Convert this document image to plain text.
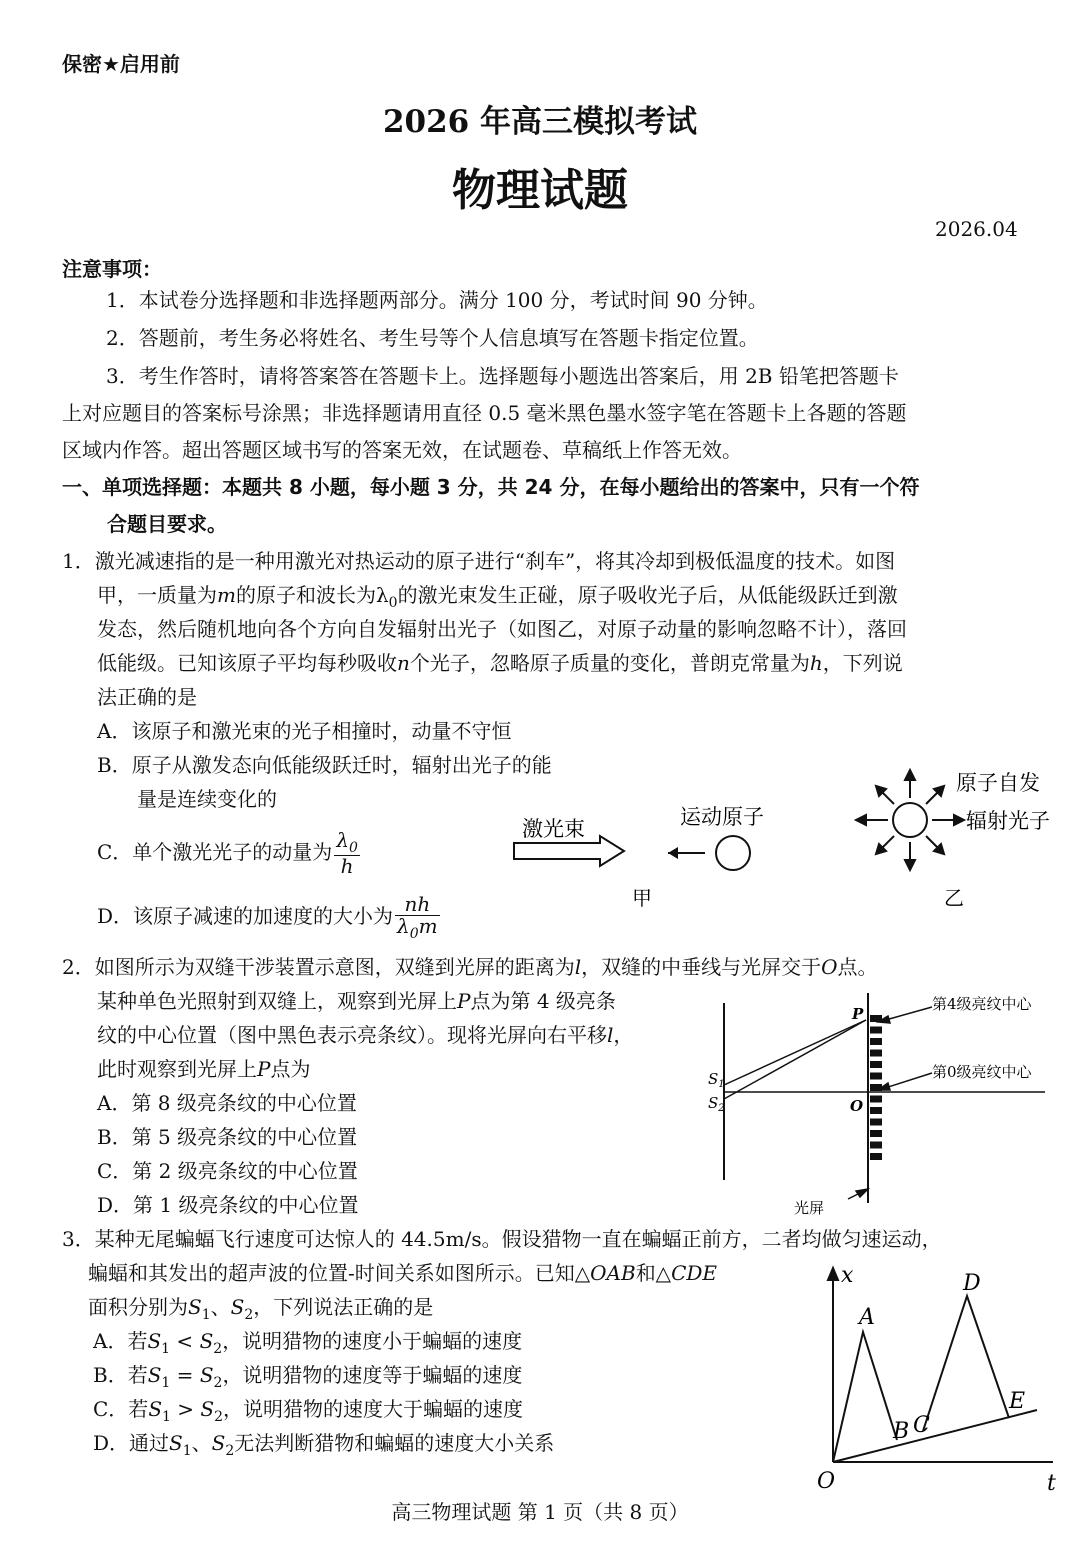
保密★启用前
2026 年高三模拟考试
物理试题
2026.04
注意事项：
1．本试卷分选择题和非选择题两部分。满分 100 分，考试时间 90 分钟。
2．答题前，考生务必将姓名、考生号等个人信息填写在答题卡指定位置。
3．考生作答时，请将答案答在答题卡上。选择题每小题选出答案后，用 2B 铅笔把答题卡
上对应题目的答案标号涂黑；非选择题请用直径 0.5 毫米黑色墨水签字笔在答题卡上各题的答题
区域内作答。超出答题区域书写的答案无效，在试题卷、草稿纸上作答无效。
一、单项选择题：本题共 8 小题，每小题 3 分，共 24 分，在每小题给出的答案中，只有一个符
合题目要求。
1．激光减速指的是一种用激光对热运动的原子进行“刹车”，将其冷却到极低温度的技术。如图
甲，一质量为m的原子和波长为$\lambda_0$的激光束发生正碰，原子吸收光子后，从低能级跃迁到激
发态，然后随机地向各个方向自发辐射出光子（如图乙，对原子动量的影响忽略不计），落回
低能级。已知该原子平均每秒吸收n个光子，忽略原子质量的变化，普朗克常量为h，下列说
法正确的是
A．该原子和激光束的光子相撞时，动量不守恒
B．原子从激发态向低能级跃迁时，辐射出光子的能
量是连续变化的
C．单个激光光子的动量为 $\frac{\lambda_0}{h}$
D．该原子减速的加速度的大小为 $\frac{nh}{\lambda_0m}$
激光束	运动原子
甲
原子自发
辐射光子
乙
2．如图所示为双缝干涉装置示意图，双缝到光屏的距离为l，双缝的中垂线与光屏交于O点。
某种单色光照射到双缝上，观察到光屏上P点为第 4 级亮条
纹的中心位置（图中黑色表示亮条纹）。现将光屏向右平移l，
此时观察到光屏上P点为
A．第 8 级亮条纹的中心位置
B．第 5 级亮条纹的中心位置
C．第 2 级亮条纹的中心位置
D．第 1 级亮条纹的中心位置
$S_1$
$S_2$
P
O
第4级亮纹中心
第0级亮纹中心
光屏
3．某种无尾蝙蝠飞行速度可达惊人的 44.5m/s。假设猎物一直在蝙蝠正前方，二者均做匀速运动，
蝙蝠和其发出的超声波的位置-时间关系如图所示。已知△OAB和△CDE
面积分别为$S_1$、$S_2$，下列说法正确的是
A．若$S_1 < S_2$，说明猎物的速度小于蝙蝠的速度
B．若$S_1 = S_2$，说明猎物的速度等于蝙蝠的速度
C．若$S_1 > S_2$，说明猎物的速度大于蝙蝠的速度
D．通过$S_1$、$S_2$无法判断猎物和蝙蝠的速度大小关系
x
t
O
A
B C
D
E
高三物理试题 第 1 页（共 8 页）
